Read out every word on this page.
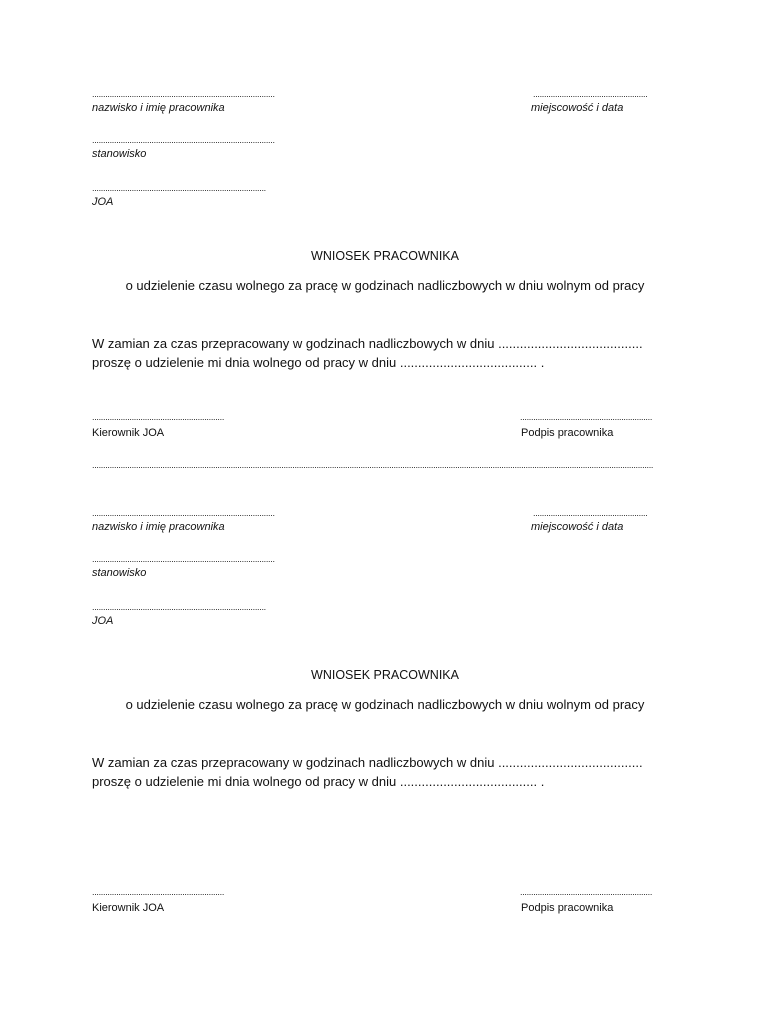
...................................................................................
nazwisko i imię pracownika
....................................................
miejscowość i data
...................................................................................
stanowisko
...............................................................................
JOA
WNIOSEK PRACOWNIKA
o udzielenie czasu wolnego za pracę w godzinach nadliczbowych w dniu wolnym od pracy
W zamian za czas przepracowany w godzinach nadliczbowych w dniu ........................................
proszę o udzielenie mi dnia wolnego od pracy w dniu ...................................... .
............................................................
Kierownik JOA
............................................................
Podpis pracownika
...............................................................................................................................................................................................................................................................
...................................................................................
nazwisko i imię pracownika
....................................................
miejscowość i data
...................................................................................
stanowisko
...............................................................................
JOA
WNIOSEK PRACOWNIKA
o udzielenie czasu wolnego za pracę w godzinach nadliczbowych w dniu wolnym od pracy
W zamian za czas przepracowany w godzinach nadliczbowych w dniu ........................................
proszę o udzielenie mi dnia wolnego od pracy w dniu ...................................... .
............................................................
Kierownik JOA
............................................................
Podpis pracownika
